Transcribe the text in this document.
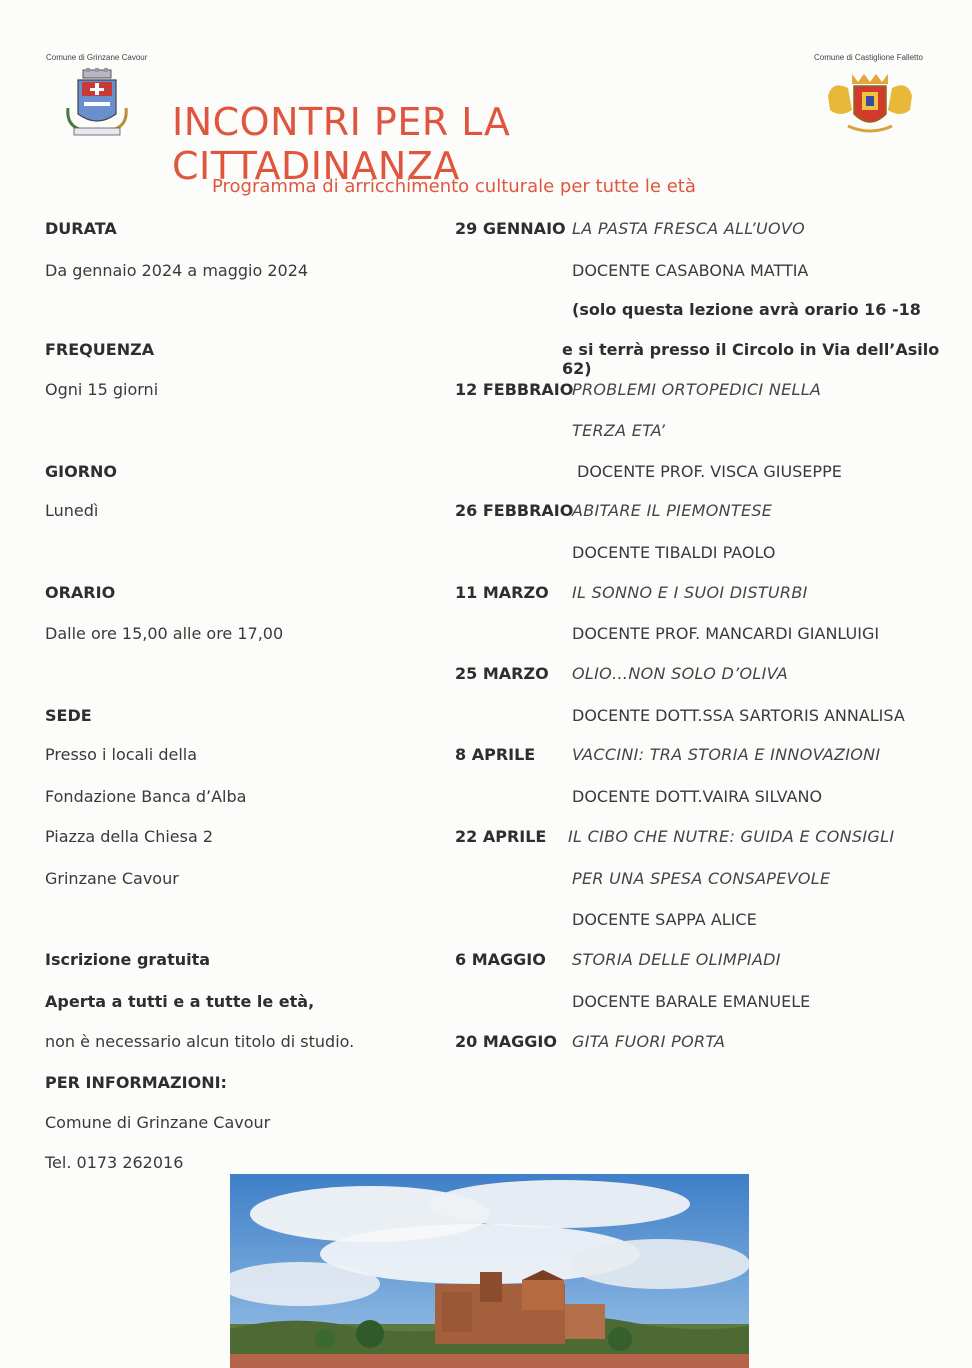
Comune di Grinzane Cavour	Comune di Castiglione Falletto
INCONTRI PER LA CITTADINANZA
Programma di arricchimento culturale per tutte le età
DURATA
Da gennaio 2024 a maggio 2024
FREQUENZA
Ogni 15 giorni
GIORNO
Lunedì
ORARIO
Dalle ore 15,00 alle ore 17,00
SEDE
Presso i locali della
Fondazione Banca d’Alba
Piazza della Chiesa 2
Grinzane Cavour
Iscrizione gratuita
Aperta a tutti e a tutte le età,
non è necessario alcun titolo di studio.
PER INFORMAZIONI:
Comune di Grinzane Cavour
Tel. 0173 262016
29 GENNAIO LA PASTA FRESCA ALL’UOVO
DOCENTE CASABONA MATTIA
(solo questa lezione avrà orario 16 -18
e si terrà presso il Circolo in Via dell’Asilo 62)
12 FEBBRAIO
PROBLEMI ORTOPEDICI NELLA
TERZA ETA’
DOCENTE PROF. VISCA GIUSEPPE
26 FEBBRAIO
ABITARE IL PIEMONTESE
DOCENTE TIBALDI PAOLO
11 MARZO IL SONNO E I SUOI DISTURBI
DOCENTE PROF. MANCARDI GIANLUIGI
25 MARZO OLIO…NON SOLO D’OLIVA
DOCENTE DOTT.SSA SARTORIS ANNALISA
8 APRILE VACCINI: TRA STORIA E INNOVAZIONI
DOCENTE DOTT.VAIRA SILVANO
22 APRILE IL CIBO CHE NUTRE: GUIDA E CONSIGLI
PER UNA SPESA CONSAPEVOLE
DOCENTE SAPPA ALICE
6 MAGGIO STORIA DELLE OLIMPIADI
DOCENTE BARALE EMANUELE
20 MAGGIO GITA FUORI PORTA
